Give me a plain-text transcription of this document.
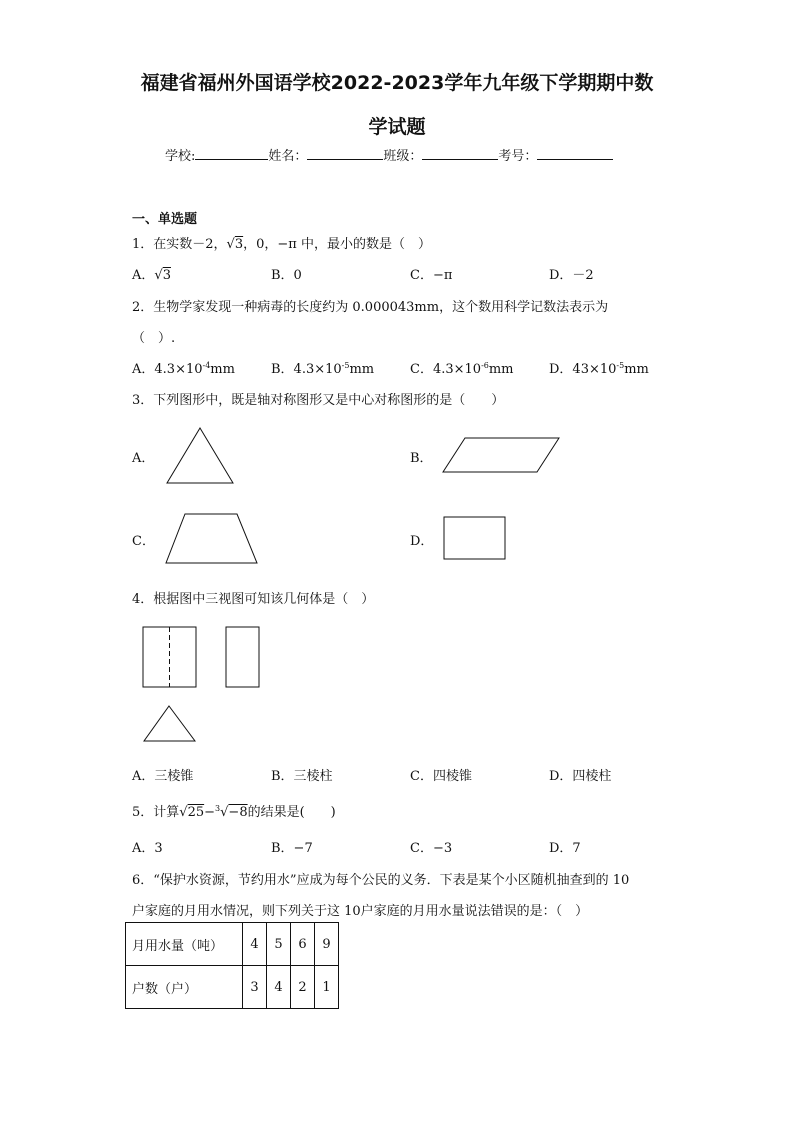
福建省福州外国语学校2022-2023学年九年级下学期期中数
学试题
学校:	姓名：	班级：	考号：
一、单选题
1．在实数－2，√3，0，−π 中，最小的数是（　）
A．√3	B．0	C．−π	D．－2
2．生物学家发现一种病毒的长度约为 0.000043mm，这个数用科学记数法表示为
（　）.
A．$4.3\times 10^{-4}mm$	B．$4.3\times 10^{-5}mm$	C．$4.3\times 10^{-6}mm$	D．$43\times 10^{-5}mm$
3．下列图形中，既是轴对称图形又是中心对称图形的是（　　）
A．	B．
C．	D．
4．根据图中三视图可知该几何体是（　）
A．三棱锥	B．三棱柱	C．四棱锥	D．四棱柱
5．计算√25−$^3$√−8的结果是(　　)
A．3	B．−7	C．−3	D．7
6．“保护水资源，节约用水”应成为每个公民的义务．下表是某个小区随机抽查到的 10
户家庭的月用水情况，则下列关于这 10户家庭的月用水量说法错误的是：（　）
月用水量（吨）	4	5	6	9
户数（户）	3	4	2	1
